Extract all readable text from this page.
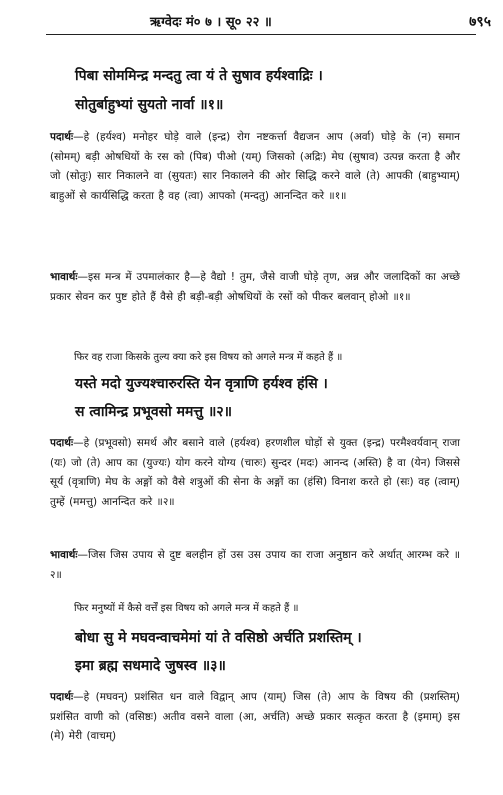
ऋग्वेदः मं० ७ । सू० २२ ॥	७९५
पिबा सोममिन्द्र मन्दतु त्वा यं ते सुषाव हर्यश्वाद्रिः ।
सोतुर्बाहुभ्यां सुयतो नार्वा ॥१॥
पदार्थः—हे (हर्यश्व) मनोहर घोड़े वाले (इन्द्र) रोग नष्टकर्त्ता वैद्यजन आप (अर्वा) घोड़े के (न) समान (सोमम्) बड़ी ओषधियों के रस को (पिब) पीओ (यम्) जिसको (अद्रिः) मेघ (सुषाव) उत्पन्न करता है और जो (सोतुः) सार निकालने वा (सुयतः) सार निकालने की ओर सिद्धि करने वाले (ते) आपकी (बाहुभ्याम्) बाहुओं से कार्यसिद्धि करता है वह (त्वा) आपको (मन्दतु) आनन्दित करे ॥१॥
भावार्थः—इस मन्त्र में उपमालंकार है—हे वैद्यो ! तुम, जैसे वाजी घोड़े तृण, अन्न और जलादिकों का अच्छे प्रकार सेवन कर पुष्ट होते हैं वैसे ही बड़ी-बड़ी ओषधियों के रसों को पीकर बलवान् होओ ॥१॥
फिर वह राजा किसके तुल्य क्या करे इस विषय को अगले मन्त्र में कहते हैं ॥
यस्ते मदो युज्यश्चारुरस्ति येन वृत्राणि हर्यश्व हंसि ।
स त्वामिन्द्र प्रभूवसो ममत्तु ॥२॥
पदार्थः—हे (प्रभूवसो) समर्थ और बसाने वाले (हर्यश्व) हरणशील घोड़ों से युक्त (इन्द्र) परमैश्वर्यवान् राजा (यः) जो (ते) आप का (युज्यः) योग करने योग्य (चारुः) सुन्दर (मदः) आनन्द (अस्ति) है वा (येन) जिससे सूर्य (वृत्राणि) मेघ के अङ्गों को वैसे शत्रुओं की सेना के अङ्गों का (हंसि) विनाश करते हो (सः) वह (त्वाम्) तुम्हें (ममत्तु) आनन्दित करे ॥२॥
भावार्थः—जिस जिस उपाय से दुष्ट बलहीन हों उस उस उपाय का राजा अनुष्ठान करे अर्थात् आरम्भ करे ॥२॥
फिर मनुष्यों में कैसे वर्त्तें इस विषय को अगले मन्त्र में कहते हैं ॥
बोधा सु मे मघवन्वाचमेमां यां ते वसिष्ठो अर्चति प्रशस्तिम् ।
इमा ब्रह्म सधमादे जुषस्व ॥३॥
पदार्थः—हे (मघवन्) प्रशंसित धन वाले विद्वान् आप (याम्) जिस (ते) आप के विषय की (प्रशस्तिम्) प्रशंसित वाणी को (वसिष्ठः) अतीव वसने वाला (आ, अर्चति) अच्छे प्रकार सत्कृत करता है (इमाम्) इस (मे) मेरी (वाचम्)
